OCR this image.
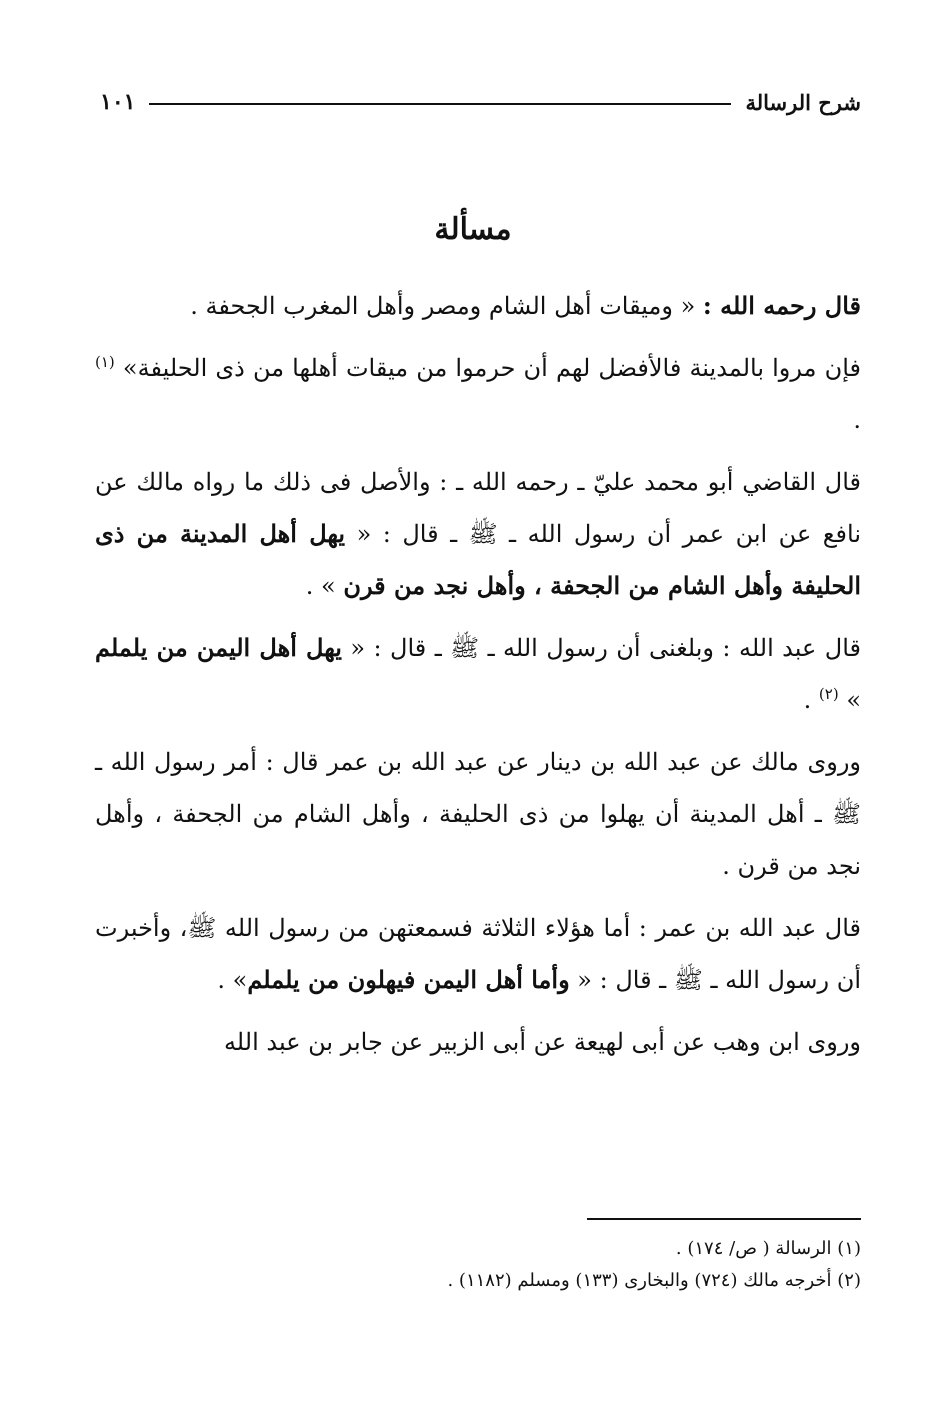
شرح الرسالة
١٠١
مسألة

قال رحمه الله : « وميقات أهل الشام ومصر وأهل المغرب الجحفة .

فإن مروا بالمدينة فالأفضل لهم أن حرموا من ميقات أهلها من ذى الحليفة» $^{(١)}$ .

قال القاضي أبو محمد عليّ ـ رحمه الله ـ : والأصل فى ذلك ما رواه مالك عن نافع عن ابن عمر أن رسول الله ـ ﷺ ـ قال : « يهل أهل المدينة من ذى الحليفة وأهل الشام من الجحفة ، وأهل نجد من قرن » .

قال عبد الله : وبلغنى أن رسول الله ـ ﷺ ـ قال : « يهل أهل اليمن من يلملم » $^{(٢)}$ .

وروى مالك عن عبد الله بن دينار عن عبد الله بن عمر قال : أمر رسول الله ـ ﷺ ـ أهل المدينة أن يهلوا من ذى الحليفة ، وأهل الشام من الجحفة ، وأهل نجد من قرن .

قال عبد الله بن عمر : أما هؤلاء الثلاثة فسمعتهن من رسول الله ﷺ، وأخبرت أن رسول الله ـ ﷺ ـ قال : « وأما أهل اليمن فيهلون من يلملم» .

وروى ابن وهب عن أبى لهيعة عن أبى الزبير عن جابر بن عبد الله

(١) الرسالة ( ص/ ١٧٤) .

(٢) أخرجه مالك (٧٢٤) والبخارى (١٣٣) ومسلم (١١٨٢) .
